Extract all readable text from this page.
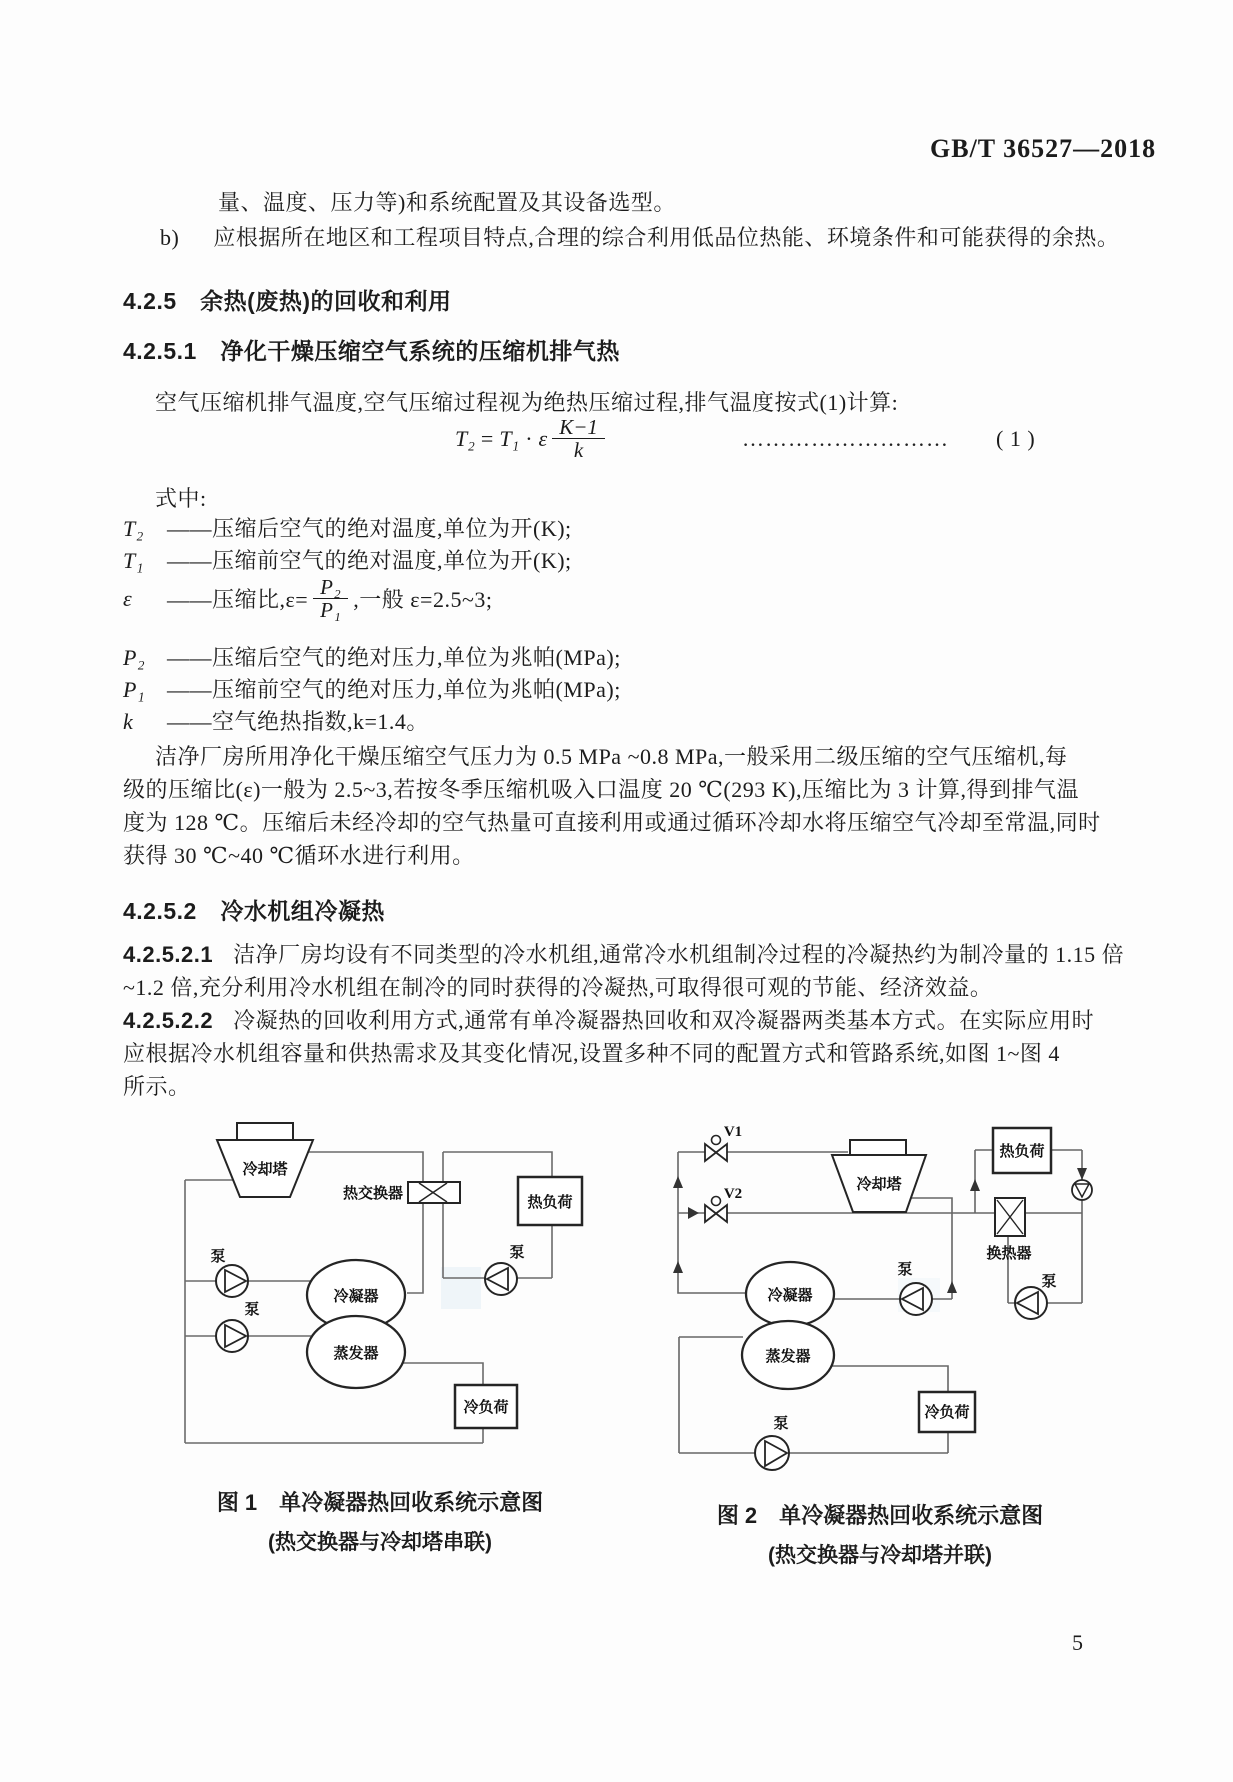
GB/T 36527—2018
量、温度、压力等)和系统配置及其设备选型。
b) 应根据所在地区和工程项目特点,合理的综合利用低品位热能、环境条件和可能获得的余热。
4.2.5　余热(废热)的回收和利用
4.2.5.1　净化干燥压缩空气系统的压缩机排气热
空气压缩机排气温度,空气压缩过程视为绝热压缩过程,排气温度按式(1)计算:
T₂ = T₁ · ε $\frac{K-1}{k}$	……………………… ( 1 )
式中:
T₂ ——压缩后空气的绝对温度,单位为开(K);
T₁ ——压缩前空气的绝对温度,单位为开(K);
ε	——压缩比$,\varepsilon= \frac{\text{P₂}}{\text{P₁}}$ ,一般 ε=2.5~3;
P₂ ——压缩后空气的绝对压力,单位为兆帕(MPa);
P₁ ——压缩前空气的绝对压力,单位为兆帕(MPa);
k ——空气绝热指数,k=1.4。
洁净厂房所用净化干燥压缩空气压力为 0.5 MPa ~0.8 MPa,一般采用二级压缩的空气压缩机,每
级的压缩比(ε)一般为 2.5~3,若按冬季压缩机吸入口温度 20 ℃(293 K),压缩比为 3 计算,得到排气温
度为 128 ℃。压缩后未经冷却的空气热量可直接利用或通过循环冷却水将压缩空气冷却至常温,同时
获得 30 ℃~40 ℃循环水进行利用。
4.2.5.2　冷水机组冷凝热
4.2.5.2.1 洁净厂房均设有不同类型的冷水机组,通常冷水机组制冷过程的冷凝热约为制冷量的 1.15 倍
~1.2 倍,充分利用冷水机组在制冷的同时获得的冷凝热,可取得很可观的节能、经济效益。
4.2.5.2.2 冷凝热的回收利用方式,通常有单冷凝器热回收和双冷凝器两类基本方式。在实际应用时
应根据冷水机组容量和供热需求及其变化情况,设置多种不同的配置方式和管路系统,如图 1~图 4
所示。
冷却塔
热交换器
热负荷
泵
泵
泵
冷凝器
蒸发器
冷负荷
V1
V2
冷却塔
热负荷
换热器
泵
泵
泵
冷凝器
蒸发器
冷负荷
图 1　单冷凝器热回收系统示意图
(热交换器与冷却塔串联)
图 2　单冷凝器热回收系统示意图
(热交换器与冷却塔并联)
5
